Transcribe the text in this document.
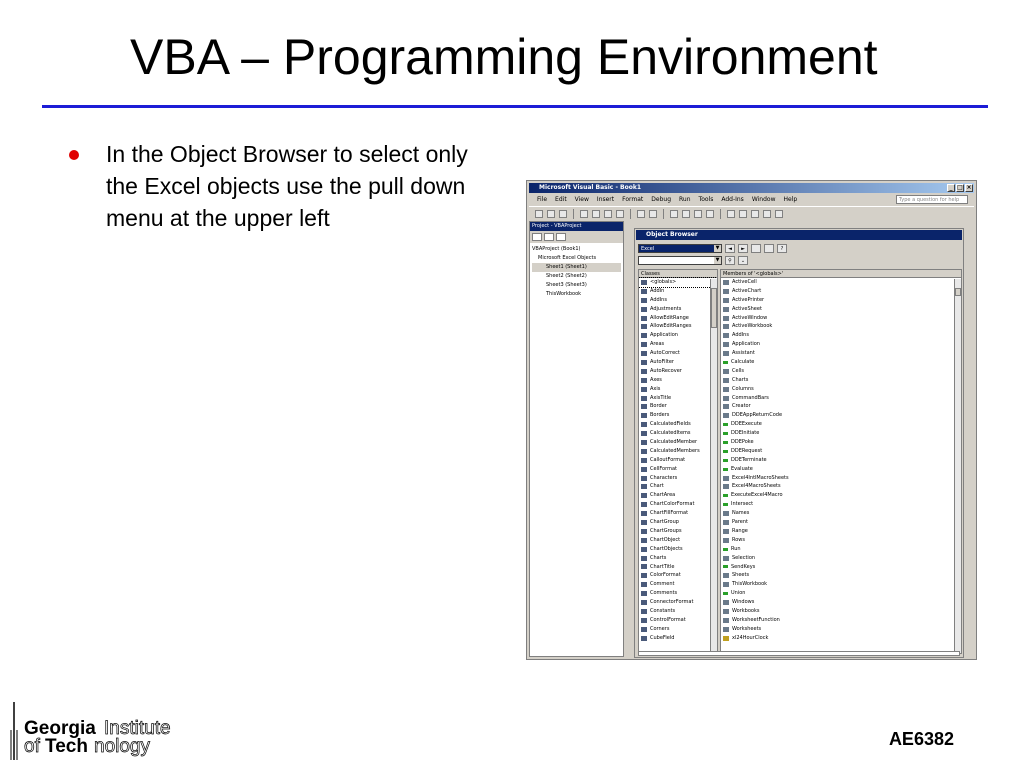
VBA – Programming Environment
In the Object Browser to select only the Excel objects use the pull down menu at the upper left
Microsoft Visual Basic - Book1	_ □ ×
File Edit View Insert Format Debug Run Tools Add-Ins Window Help	Type a question for help
Project - VBAProject
VBAProject (Book1)
Microsoft Excel Objects
Sheet1 (Sheet1)
Sheet2 (Sheet2)
Sheet3 (Sheet3)
ThisWorkbook
Object Browser
Excel	▼	◄	►	?
▼	⚲	⌄
Classes
<globals>
AddIn
AddIns
Adjustments
AllowEditRange
AllowEditRanges
Application
Areas
AutoCorrect
AutoFilter
AutoRecover
Axes
Axis
AxisTitle
Border
Borders
CalculatedFields
CalculatedItems
CalculatedMember
CalculatedMembers
CalloutFormat
CellFormat
Characters
Chart
ChartArea
ChartColorFormat
ChartFillFormat
ChartGroup
ChartGroups
ChartObject
ChartObjects
Charts
ChartTitle
ColorFormat
Comment
Comments
ConnectorFormat
Constants
ControlFormat
Corners
CubeField
Members of '<globals>'
ActiveCell
ActiveChart
ActivePrinter
ActiveSheet
ActiveWindow
ActiveWorkbook
AddIns
Application
Assistant
Calculate
Cells
Charts
Columns
CommandBars
Creator
DDEAppReturnCode
DDEExecute
DDEInitiate
DDEPoke
DDERequest
DDETerminate
Evaluate
Excel4IntlMacroSheets
Excel4MacroSheets
ExecuteExcel4Macro
Intersect
Names
Parent
Range
Rows
Run
Selection
SendKeys
Sheets
ThisWorkbook
Union
Windows
Workbooks
WorksheetFunction
Worksheets
xl24HourClock
Georgia Institute
of Tech nology	AE6382
